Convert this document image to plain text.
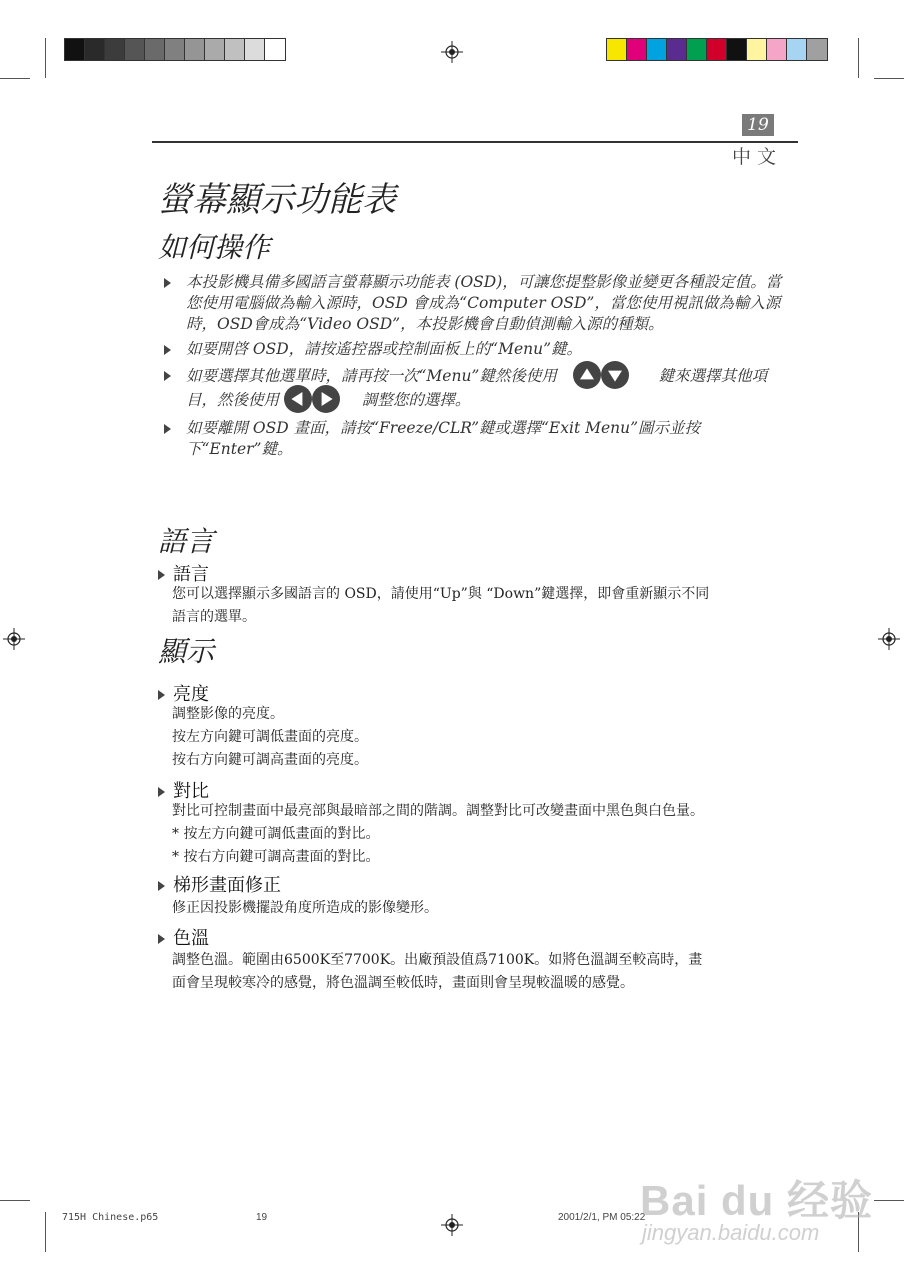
19
中文
螢幕顯示功能表
如何操作
本投影機具備多國語言螢幕顯示功能表 (OSD)，可讓您提整影像並變更各種設定值。當您使用電腦做為輸入源時，OSD 會成為“Computer OSD”，當您使用視訊做為輸入源時，OSD會成為“Video OSD”，本投影機會自動偵測輸入源的種類。
如要開啓 OSD，請按遙控器或控制面板上的“Menu”鍵。
如要選擇其他選單時，請再按一次“Menu”鍵然後使用	鍵來選擇其他項目，然後使用	調整您的選擇。
如要離開 OSD 畫面，請按“Freeze/CLR”鍵或選擇“Exit Menu”圖示並按下“Enter”鍵。
語言
語言
您可以選擇顯示多國語言的 OSD，請使用“Up”與 “Down”鍵選擇，即會重新顯示不同
語言的選單。
顯示
亮度
調整影像的亮度。
按左方向鍵可調低畫面的亮度。
按右方向鍵可調高畫面的亮度。
對比
對比可控制畫面中最亮部與最暗部之間的階調。調整對比可改變畫面中黑色與白色量。
* 按左方向鍵可調低畫面的對比。
* 按右方向鍵可調高畫面的對比。
梯形畫面修正
修正因投影機擺設角度所造成的影像變形。
色溫
調整色溫。範圍由6500K至7700K。出廠預設值爲7100K。如將色溫調至較高時，畫
面會呈現較寒冷的感覺，將色溫調至較低時，畫面則會呈現較溫暖的感覺。
715H Chinese.p65	19	2001/2/1, PM 05:22
Bai du 经验
jingyan.baidu.com
